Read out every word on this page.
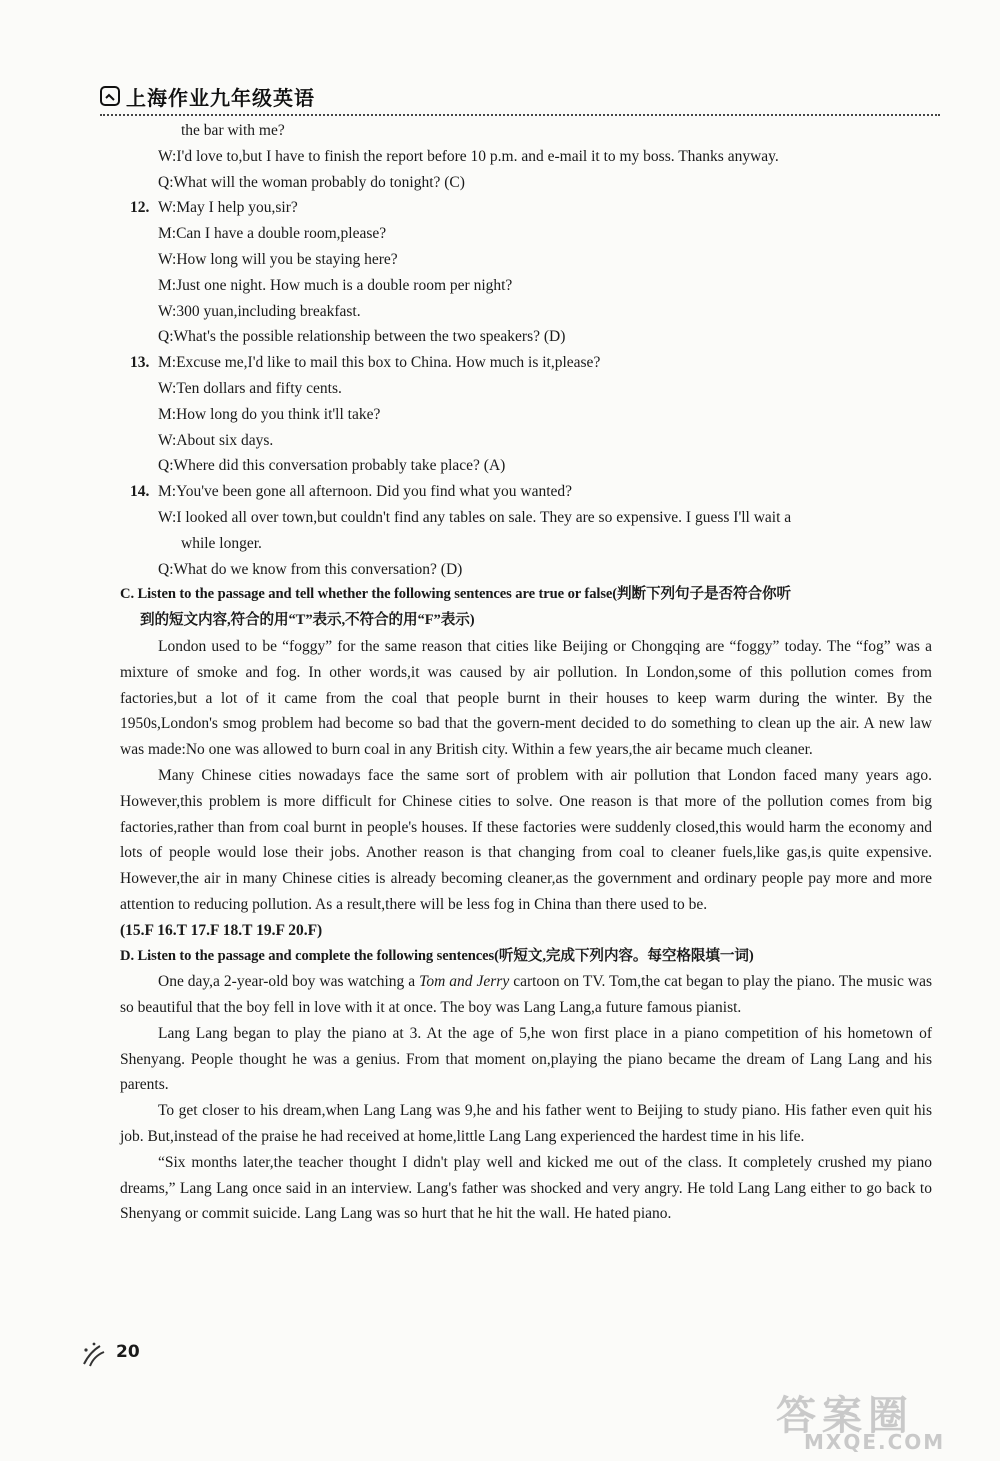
上海作业九年级英语
the bar with me?
W:I'd love to,but I have to finish the report before 10 p.m. and e-mail it to my boss. Thanks anyway.
Q:What will the woman probably do tonight? (C)
12. W:May I help you,sir?
M:Can I have a double room,please?
W:How long will you be staying here?
M:Just one night. How much is a double room per night?
W:300 yuan,including breakfast.
Q:What's the possible relationship between the two speakers? (D)
13. M:Excuse me,I'd like to mail this box to China. How much is it,please?
W:Ten dollars and fifty cents.
M:How long do you think it'll take?
W:About six days.
Q:Where did this conversation probably take place? (A)
14. M:You've been gone all afternoon. Did you find what you wanted?
W:I looked all over town,but couldn't find any tables on sale. They are so expensive. I guess I'll wait a
while longer.
Q:What do we know from this conversation? (D)
C. Listen to the passage and tell whether the following sentences are true or false(判断下列句子是否符合你听
到的短文内容,符合的用“T”表示,不符合的用“F”表示)

London used to be “foggy” for the same reason that cities like Beijing or Chongqing are “foggy” today. The “fog” was a mixture of smoke and fog. In other words,it was caused by air pollution. In London,some of this pollution comes from factories,but a lot of it came from the coal that people burnt in their houses to keep warm during the winter. By the 1950s,London's smog problem had become so bad that the govern-ment decided to do something to clean up the air. A new law was made:No one was allowed to burn coal in any British city. Within a few years,the air became much cleaner.

Many Chinese cities nowadays face the same sort of problem with air pollution that London faced many years ago. However,this problem is more difficult for Chinese cities to solve. One reason is that more of the pollution comes from big factories,rather than from coal burnt in people's houses. If these factories were suddenly closed,this would harm the economy and lots of people would lose their jobs. Another reason is that changing from coal to cleaner fuels,like gas,is quite expensive. However,the air in many Chinese cities is already becoming cleaner,as the government and ordinary people pay more and more attention to reducing pollution. As a result,there will be less fog in China than there used to be.

(15.F 16.T 17.F 18.T 19.F 20.F)
D. Listen to the passage and complete the following sentences(听短文,完成下列内容。每空格限填一词)

One day,a 2-year-old boy was watching a Tom and Jerry cartoon on TV. Tom,the cat began to play the piano. The music was so beautiful that the boy fell in love with it at once. The boy was Lang Lang,a future famous pianist.

Lang Lang began to play the piano at 3. At the age of 5,he won first place in a piano competition of his hometown of Shenyang. People thought he was a genius. From that moment on,playing the piano became the dream of Lang Lang and his parents.

To get closer to his dream,when Lang Lang was 9,he and his father went to Beijing to study piano. His father even quit his job. But,instead of the praise he had received at home,little Lang Lang experienced the hardest time in his life.

“Six months later,the teacher thought I didn't play well and kicked me out of the class. It completely crushed my piano dreams,” Lang Lang once said in an interview. Lang's father was shocked and very angry. He told Lang Lang either to go back to Shenyang or commit suicide. Lang Lang was so hurt that he hit the wall. He hated piano.

20
答案圈
MXQE.COM
